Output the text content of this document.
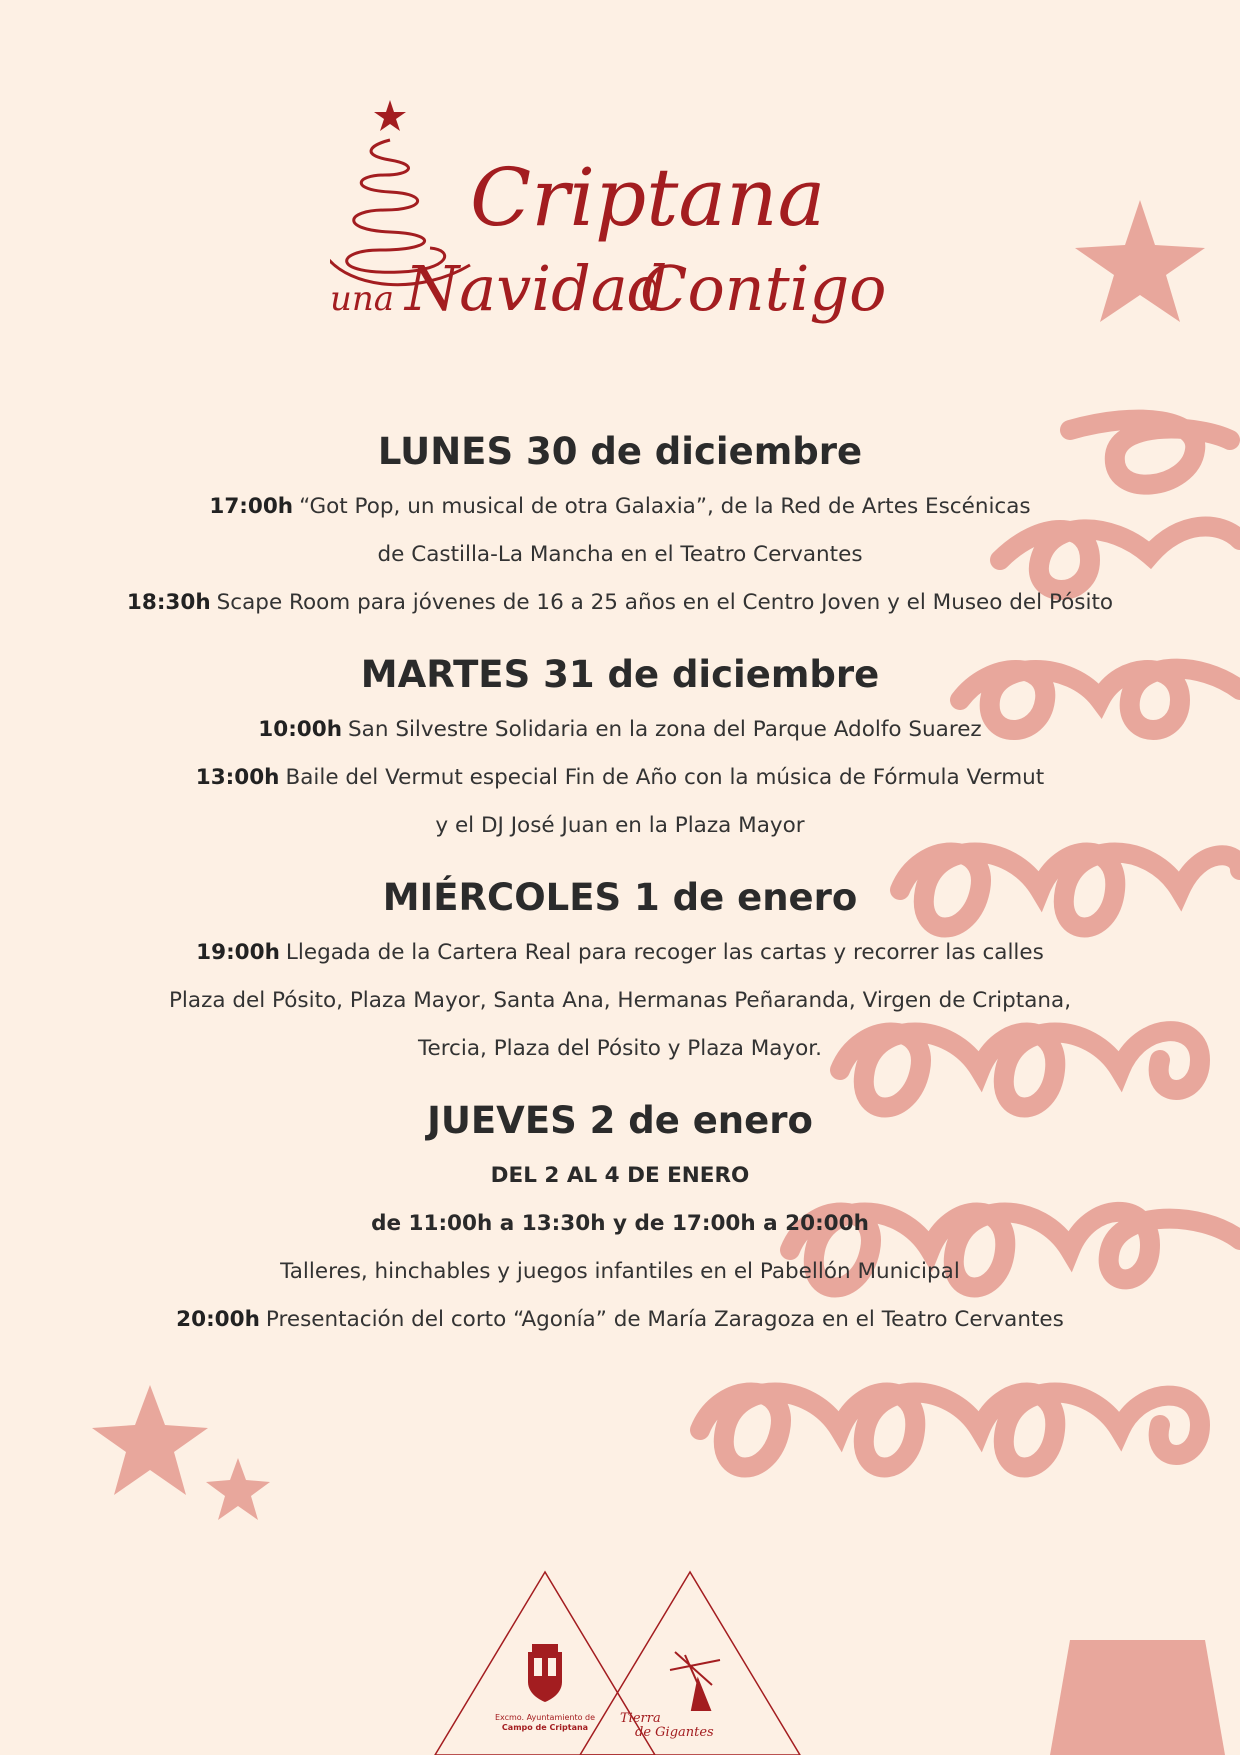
Criptana
una Navidad
Contigo
LUNES 30 de diciembre

17:00h “Got Pop, un musical de otra Galaxia”, de la Red de Artes Escénicas

de Castilla-La Mancha en el Teatro Cervantes

18:30h Scape Room para jóvenes de 16 a 25 años en el Centro Joven y el Museo del Pósito

MARTES 31 de diciembre

10:00h San Silvestre Solidaria en la zona del Parque Adolfo Suarez

13:00h Baile del Vermut especial Fin de Año con la música de Fórmula Vermut

y el DJ José Juan en la Plaza Mayor

MIÉRCOLES 1 de enero

19:00h Llegada de la Cartera Real para recoger las cartas y recorrer las calles

Plaza del Pósito, Plaza Mayor, Santa Ana, Hermanas Peñaranda, Virgen de Criptana,

Tercia, Plaza del Pósito y Plaza Mayor.

JUEVES 2 de enero

DEL 2 AL 4 DE ENERO

de 11:00h a 13:30h y de 17:00h a 20:00h

Talleres, hinchables y juegos infantiles en el Pabellón Municipal

20:00h Presentación del corto “Agonía” de María Zaragoza en el Teatro Cervantes

Excmo. Ayuntamiento de
Campo de Criptana
Tierra
de Gigantes
